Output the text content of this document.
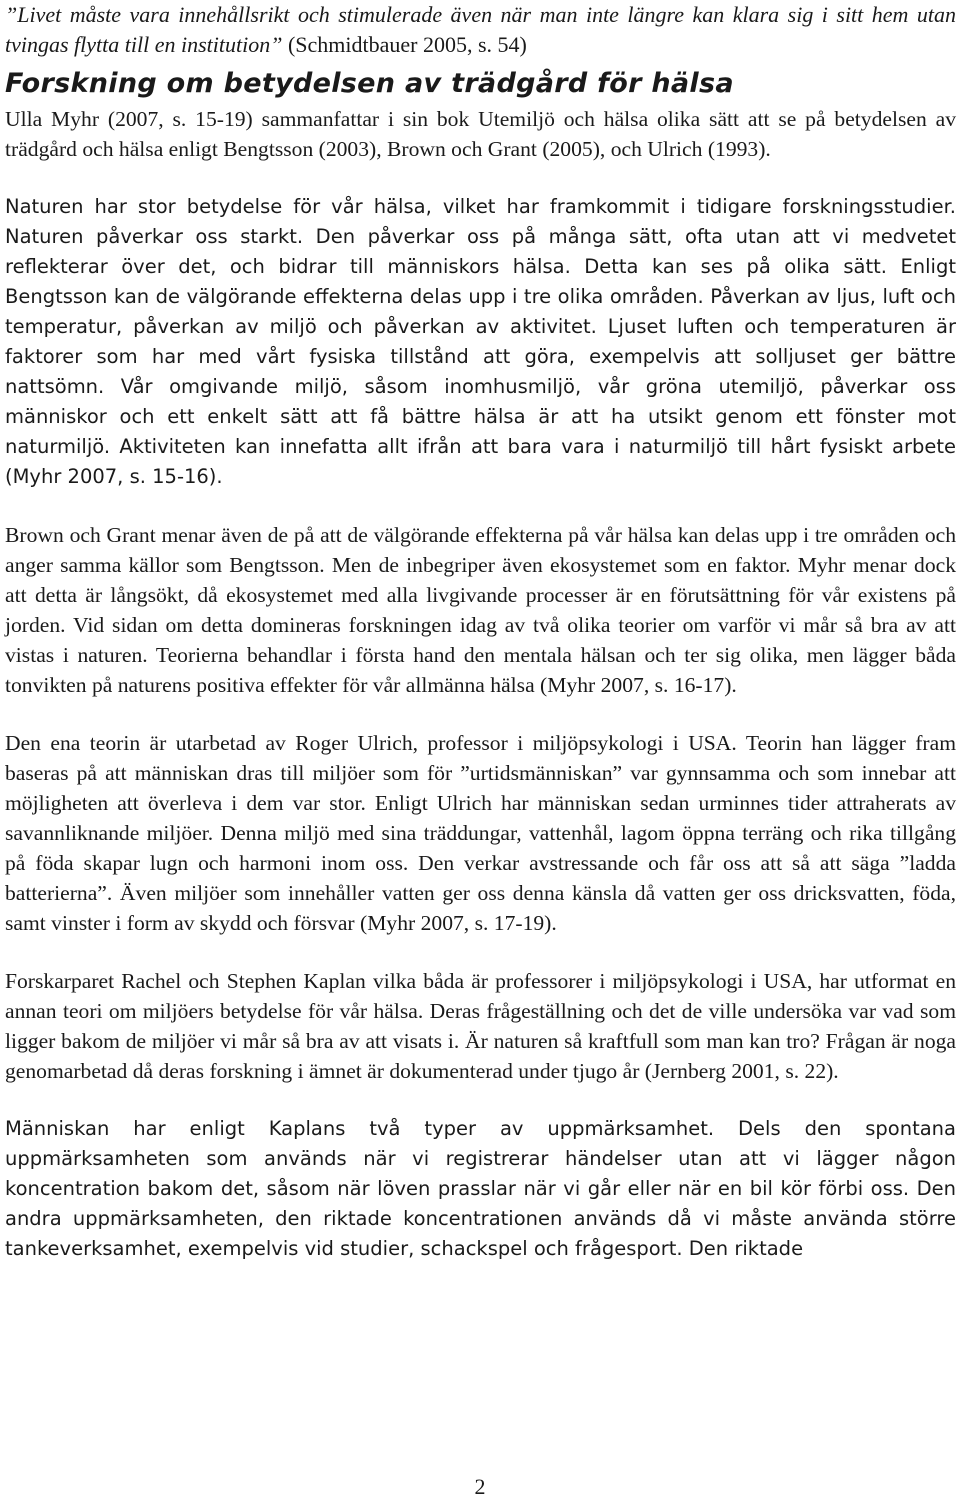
”Livet måste vara innehållsrikt och stimulerade även när man inte längre kan klara sig i sitt hem utan tvingas flytta till en institution” (Schmidtbauer 2005, s. 54)

Forskning om betydelsen av trädgård för hälsa

Ulla Myhr (2007, s. 15-19) sammanfattar i sin bok Utemiljö och hälsa olika sätt att se på betydelsen av trädgård och hälsa enligt Bengtsson (2003), Brown och Grant (2005), och Ulrich (1993).

Naturen har stor betydelse för vår hälsa, vilket har framkommit i tidigare forskningsstudier. Naturen påverkar oss starkt. Den påverkar oss på många sätt, ofta utan att vi medvetet reflekterar över det, och bidrar till människors hälsa. Detta kan ses på olika sätt. Enligt Bengtsson kan de välgörande effekterna delas upp i tre olika områden. Påverkan av ljus, luft och temperatur, påverkan av miljö och påverkan av aktivitet. Ljuset luften och temperaturen är faktorer som har med vårt fysiska tillstånd att göra, exempelvis att solljuset ger bättre nattsömn. Vår omgivande miljö, såsom inomhusmiljö, vår gröna utemiljö, påverkar oss människor och ett enkelt sätt att få bättre hälsa är att ha utsikt genom ett fönster mot naturmiljö. Aktiviteten kan innefatta allt ifrån att bara vara i naturmiljö till hårt fysiskt arbete (Myhr 2007, s. 15-16).

Brown och Grant menar även de på att de välgörande effekterna på vår hälsa kan delas upp i tre områden och anger samma källor som Bengtsson. Men de inbegriper även ekosystemet som en faktor. Myhr menar dock att detta är långsökt, då ekosystemet med alla livgivande processer är en förutsättning för vår existens på jorden. Vid sidan om detta domineras forskningen idag av två olika teorier om varför vi mår så bra av att vistas i naturen. Teorierna behandlar i första hand den mentala hälsan och ter sig olika, men lägger båda tonvikten på naturens positiva effekter för vår allmänna hälsa (Myhr 2007, s. 16-17).

Den ena teorin är utarbetad av Roger Ulrich, professor i miljöpsykologi i USA. Teorin han lägger fram baseras på att människan dras till miljöer som för ”urtidsmänniskan” var gynnsamma och som innebar att möjligheten att överleva i dem var stor. Enligt Ulrich har människan sedan urminnes tider attraherats av savannliknande miljöer. Denna miljö med sina träddungar, vattenhål, lagom öppna terräng och rika tillgång på föda skapar lugn och harmoni inom oss. Den verkar avstressande och får oss att så att säga ”ladda batterierna”. Även miljöer som innehåller vatten ger oss denna känsla då vatten ger oss dricksvatten, föda, samt vinster i form av skydd och försvar (Myhr 2007, s. 17-19).

Forskarparet Rachel och Stephen Kaplan vilka båda är professorer i miljöpsykologi i USA, har utformat en annan teori om miljöers betydelse för vår hälsa. Deras frågeställning och det de ville undersöka var vad som ligger bakom de miljöer vi mår så bra av att visats i. Är naturen så kraftfull som man kan tro? Frågan är noga genomarbetad då deras forskning i ämnet är dokumenterad under tjugo år (Jernberg 2001, s. 22).

Människan har enligt Kaplans två typer av uppmärksamhet. Dels den spontana uppmärksamheten som används när vi registrerar händelser utan att vi lägger någon koncentration bakom det, såsom när löven prasslar när vi går eller när en bil kör förbi oss. Den andra uppmärksamheten, den riktade koncentrationen används då vi måste använda större tankeverksamhet, exempelvis vid studier, schackspel och frågesport. Den riktade

2
